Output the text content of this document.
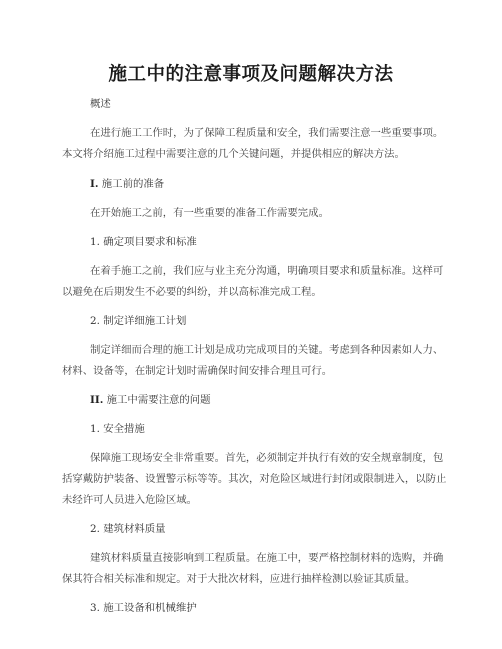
施工中的注意事项及问题解决方法
概述
在进行施工工作时，为了保障工程质量和安全，我们需要注意一些重要事项。
本文将介绍施工过程中需要注意的几个关键问题，并提供相应的解决方法。
I. 施工前的准备
在开始施工之前，有一些重要的准备工作需要完成。
1. 确定项目要求和标准
在着手施工之前，我们应与业主充分沟通，明确项目要求和质量标准。这样可
以避免在后期发生不必要的纠纷，并以高标准完成工程。
2. 制定详细施工计划
制定详细而合理的施工计划是成功完成项目的关键。考虑到各种因素如人力、
材料、设备等，在制定计划时需确保时间安排合理且可行。
II. 施工中需要注意的问题
1. 安全措施
保障施工现场安全非常重要。首先，必须制定并执行有效的安全规章制度，包
括穿戴防护装备、设置警示标等等。其次，对危险区域进行封闭或限制进入，以防止
未经许可人员进入危险区域。
2. 建筑材料质量
建筑材料质量直接影响到工程质量。在施工中，要严格控制材料的选购，并确
保其符合相关标准和规定。对于大批次材料，应进行抽样检测以验证其质量。
3. 施工设备和机械维护
